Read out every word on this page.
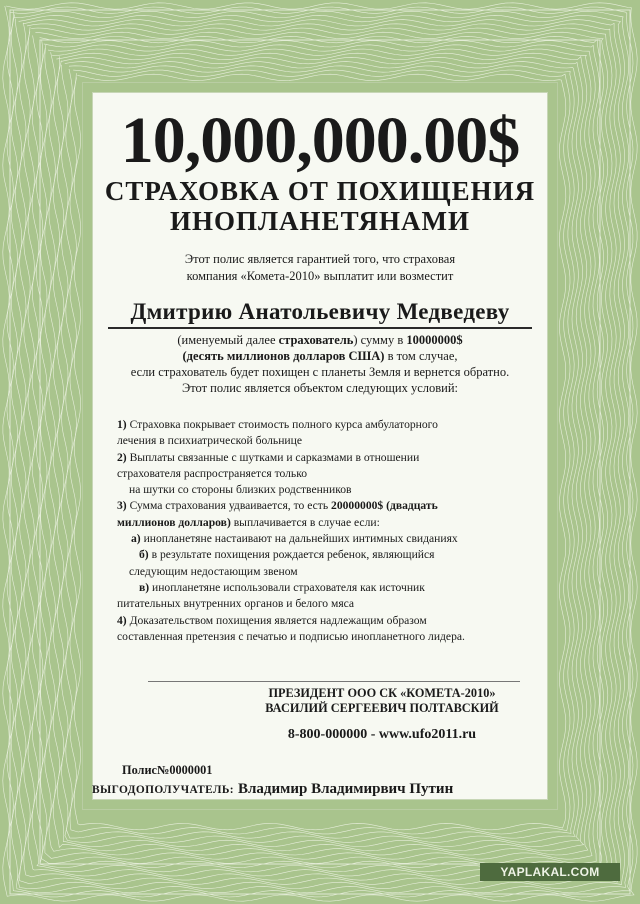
10,000,000.00$
СТРАХОВКА ОТ ПОХИЩЕНИЯ
ИНОПЛАНЕТЯНАМИ
Этот полис является гарантией того, что страховая
компания «Комета-2010» выплатит или возместит
Дмитрию Анатольевичу Медведеву
(именуемый далее страхователь) сумму в 10000000$
(десять миллионов долларов США) в том случае,
если страхователь будет похищен с планеты Земля и вернется обратно.
Этот полис является объектом следующих условий:
1) Страховка покрывает стоимость полного курса амбулаторного
лечения в психиатрической больнице
2) Выплаты связанные с шутками и сарказмами в отношении
страхователя распространяется только
на шутки со стороны близких родственников
3) Сумма страхования удваивается, то есть 20000000$ (двадцать
миллионов долларов) выплачивается в случае если:
а) инопланетяне настаивают на дальнейших интимных свиданиях
б) в результате похищения рождается ребенок, являющийся
следующим недостающим звеном
в) инопланетяне использовали страхователя как источник
питательных внутренних органов и белого мяса
4) Доказательством похищения является надлежащим образом
составленная претензия с печатью и подписью инопланетного лидера.
ПРЕЗИДЕНТ ООО СК «КОМЕТА-2010»
ВАСИЛИЙ СЕРГЕЕВИЧ ПОЛТАВСКИЙ
8-800-000000 - www.ufo2011.ru
Полис№0000001
ВЫГОДОПОЛУЧАТЕЛЬ: Владимир Владимирвич Путин
YAPLAKAL.COM
